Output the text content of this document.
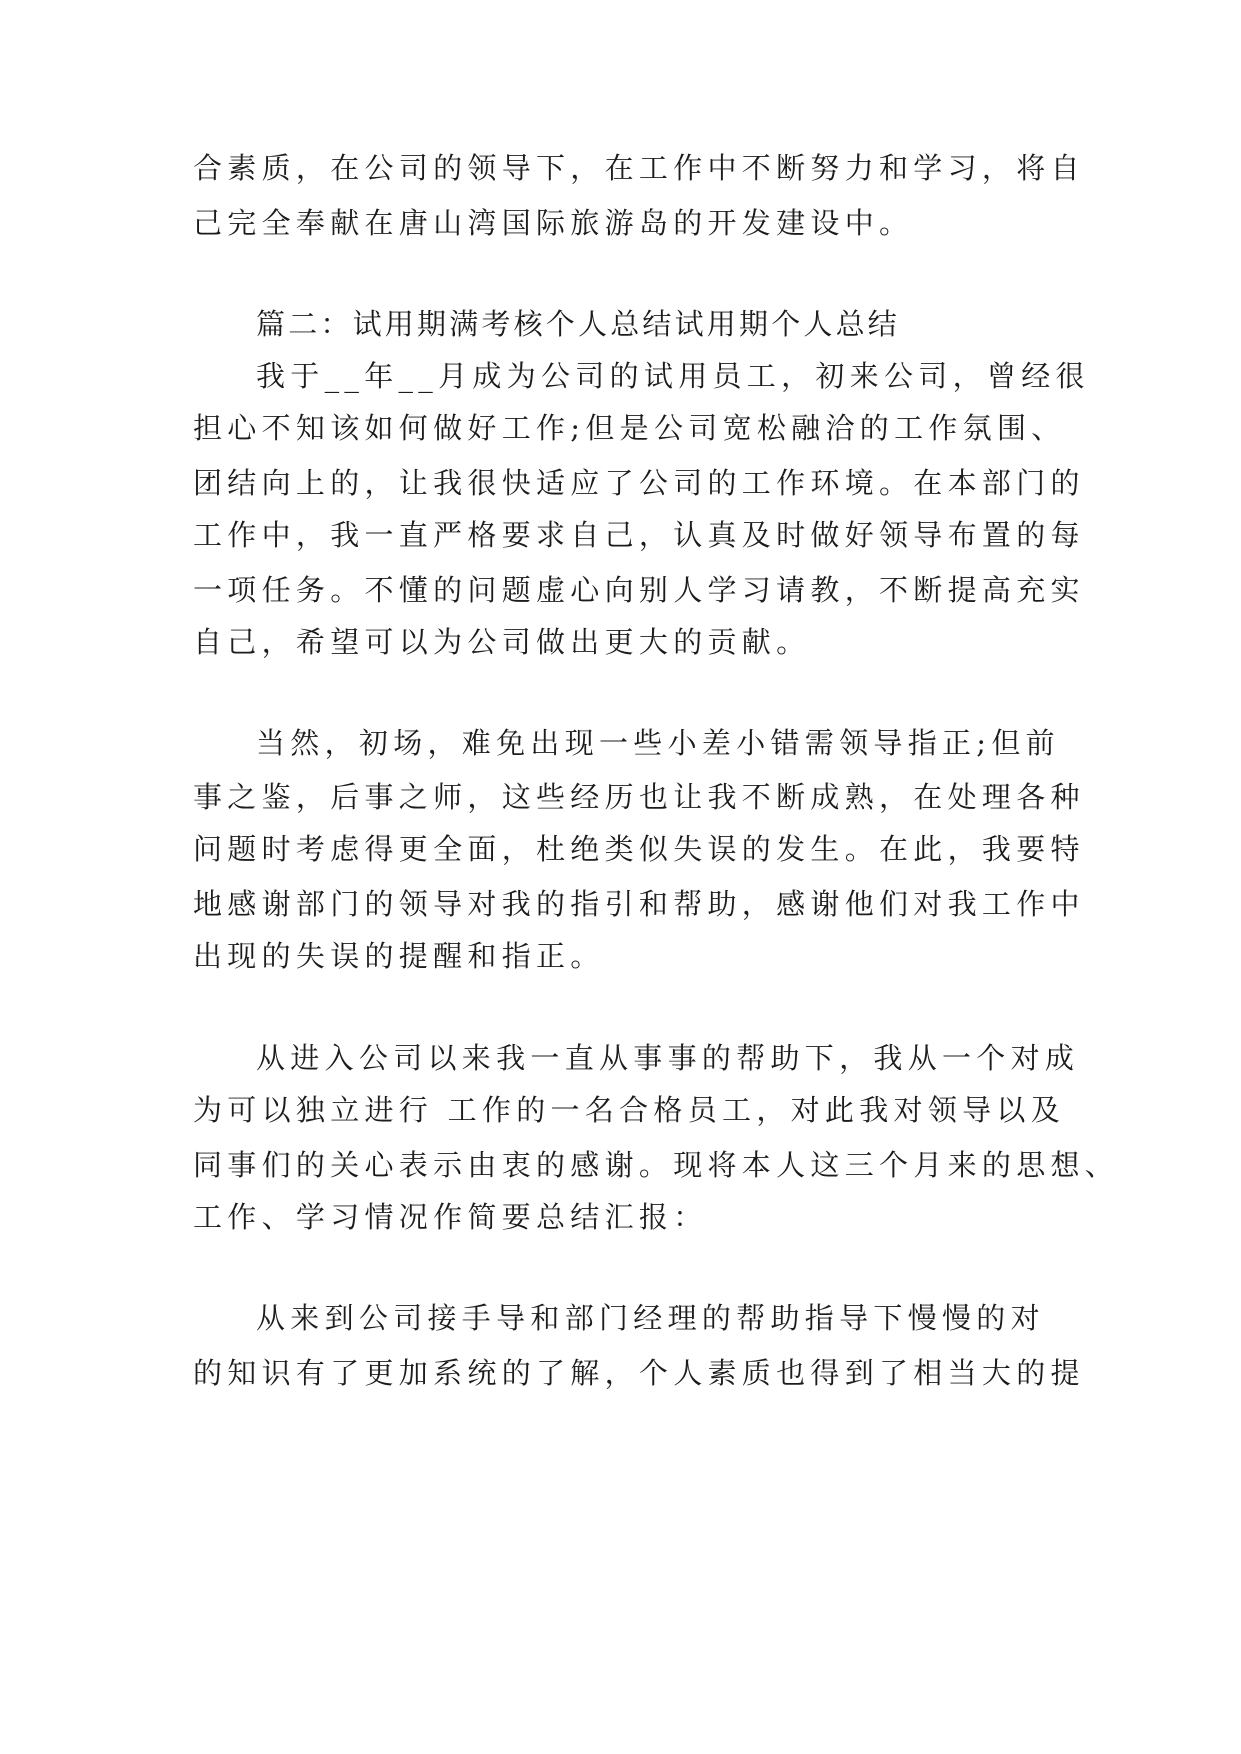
合素质，在公司的领导下，在工作中不断努力和学习，将自
己完全奉献在唐山湾国际旅游岛的开发建设中。
篇二：试用期满考核个人总结试用期个人总结
我于__年__月成为公司的试用员工，初来公司，曾经很
担心不知该如何做好工作;但是公司宽松融洽的工作氛围、
团结向上的，让我很快适应了公司的工作环境。在本部门的
工作中，我一直严格要求自己，认真及时做好领导布置的每
一项任务。不懂的问题虚心向别人学习请教，不断提高充实
自己，希望可以为公司做出更大的贡献。
当然，初场，难免出现一些小差小错需领导指正;但前
事之鉴，后事之师，这些经历也让我不断成熟，在处理各种
问题时考虑得更全面，杜绝类似失误的发生。在此，我要特
地感谢部门的领导对我的指引和帮助，感谢他们对我工作中
出现的失误的提醒和指正。
从进入公司以来我一直从事事的帮助下，我从一个对成
为可以独立进行 工作的一名合格员工，对此我对领导以及
同事们的关心表示由衷的感谢。现将本人这三个月来的思想、
工作、学习情况作简要总结汇报：
从来到公司接手导和部门经理的帮助指导下慢慢的对
的知识有了更加系统的了解，个人素质也得到了相当大的提
